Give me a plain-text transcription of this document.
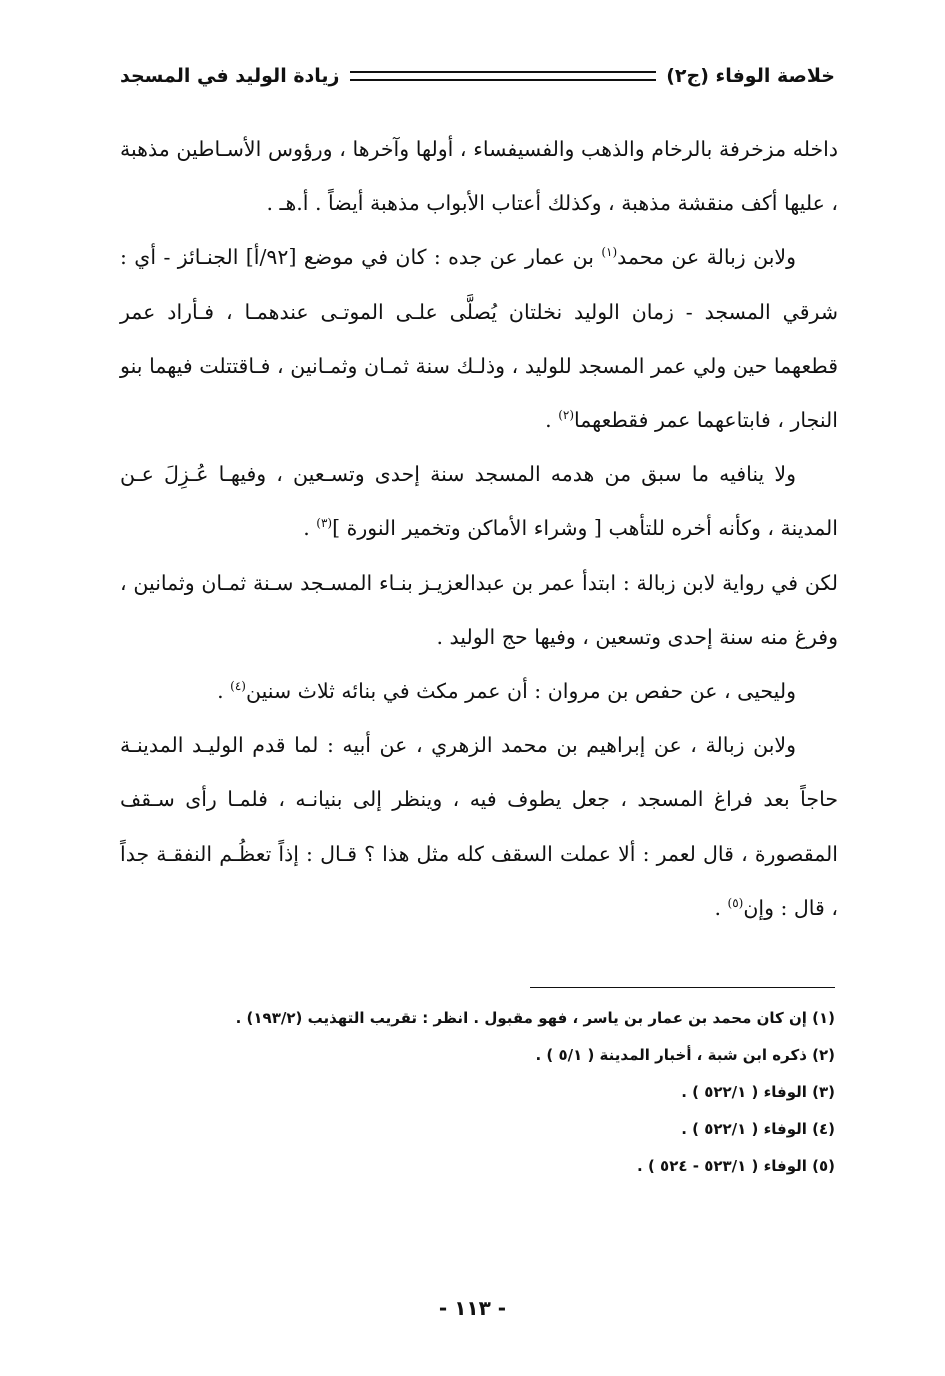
خلاصة الوفاء (ج٢)
زيادة الوليد في المسجد

داخله مزخرفة بالرخام والذهب والفسيفساء ، أولها وآخرها ، ورؤوس الأسـاطين مذهبة ، عليها أكف منقشة مذهبة ، وكذلك أعتاب الأبواب مذهبة أيضاً . أ.هـ .

ولابن زبالة عن محمد$^{(١)}$ بن عمار عن جده : كان في موضع [٩٢/أ] الجنـائز - أي : شرقي المسجد - زمان الوليد نخلتان يُصلَّى علـى الموتـى عندهمـا ، فـأراد عمر قطعهما حين ولي عمر المسجد للوليد ، وذلـك سنة ثمـان وثمـانين ، فـاقتتلت فيهما بنو النجار ، فابتاعهما عمر فقطعهما$^{(٢)}$ .

ولا ينافيه ما سبق من هدمه المسجد سنة إحدى وتسـعين ، وفيهـا عُـزِلَ عـن المدينة ، وكأنه أخره للتأهب [ وشراء الأماكن وتخمير النورة ]$^{(٣)}$ .

لكن في رواية لابن زبالة : ابتدأ عمر بن عبدالعزيـز بنـاء المسـجد سـنة ثمـان وثمانين ، وفرغ منه سنة إحدى وتسعين ، وفيها حج الوليد .

وليحيى ، عن حفص بن مروان : أن عمر مكث في بنائه ثلاث سنين$^{(٤)}$ .

ولابن زبالة ، عن إبراهيم بن محمد الزهري ، عن أبيه : لما قدم الوليـد المدينـة حاجاً بعد فراغ المسجد ، جعل يطوف فيه ، وينظر إلى بنيانـه ، فلمـا رأى سـقف المقصورة ، قال لعمر : ألا عملت السقف كله مثل هذا ؟ قـال : إذاً تعظُـم النفقـة جداً ، قال : وإن$^{(٥)}$ .

(١) إن كان محمد بن عمار بن ياسر ، فهو مقبول . انظر : تقريب التهذيب (١٩٣/٢) .
(٢) ذكره ابن شبة ، أخبار المدينة ( ٥/١ ) .
(٣) الوفاء ( ٥٢٢/١ ) .
(٤) الوفاء ( ٥٢٢/١ ) .
(٥) الوفاء ( ٥٢٣/١ - ٥٢٤ ) .
- ١١٣ -
